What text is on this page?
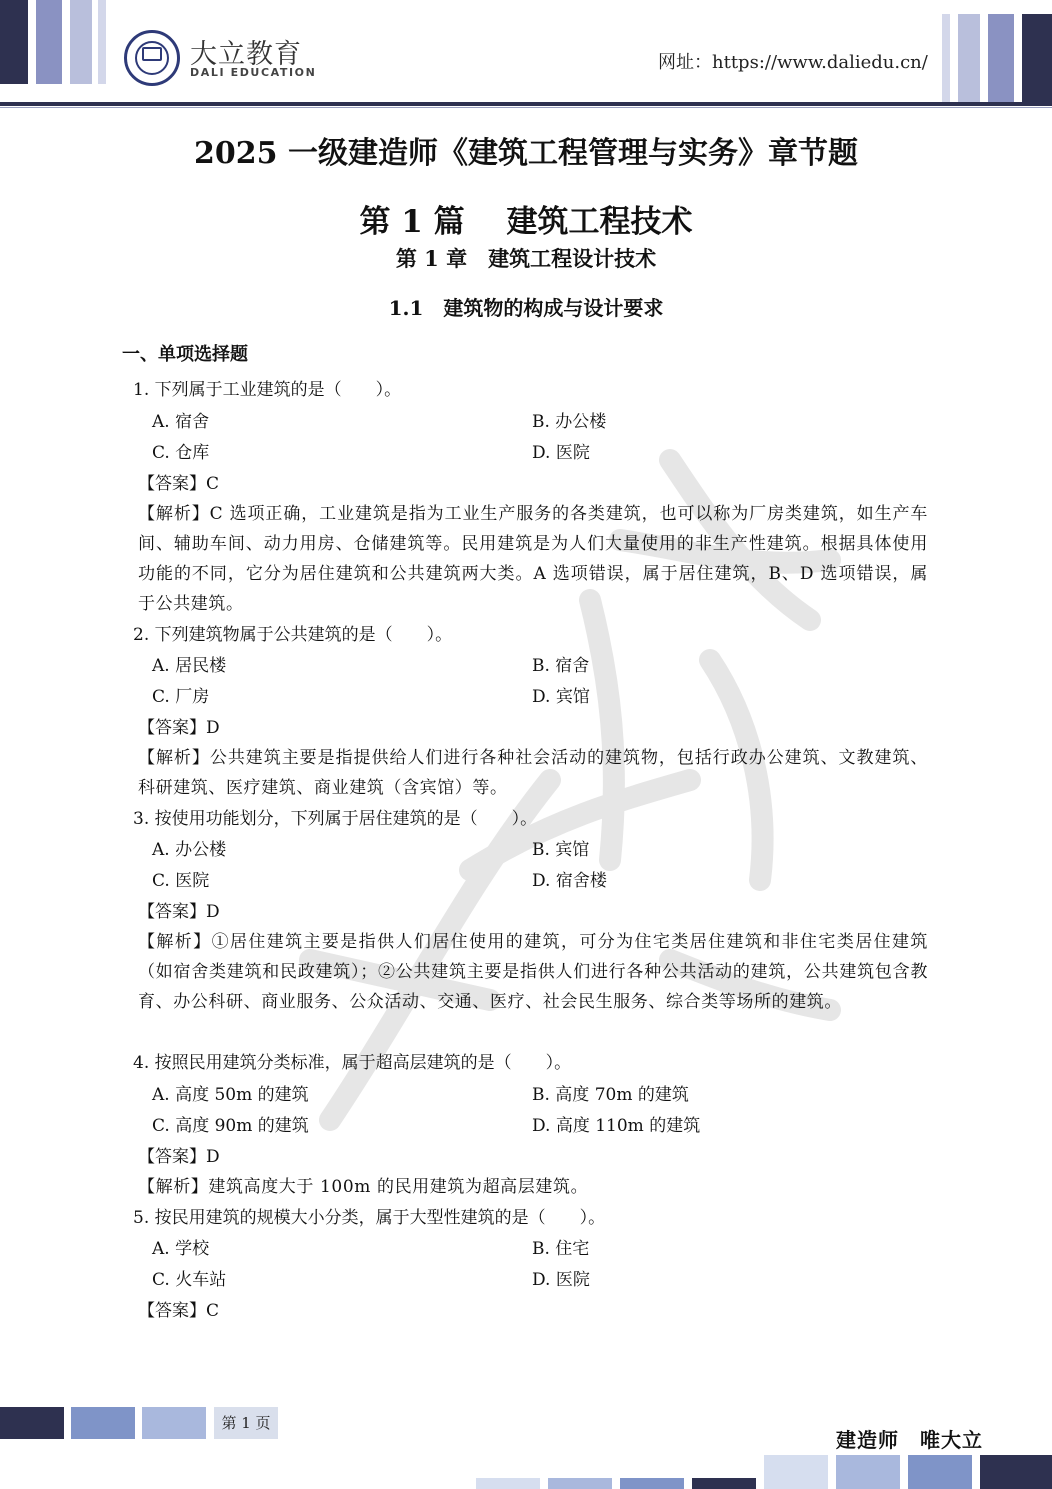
大立教育
DALI EDUCATION	网址：https://www.daliedu.cn/
2025 一级建造师《建筑工程管理与实务》章节题
第 1 篇　 建筑工程技术
第 1 章　建筑工程设计技术
1.1　建筑物的构成与设计要求
一、单项选择题
1. 下列属于工业建筑的是（　　）。
A. 宿舍	B. 办公楼
C. 仓库	D. 医院
【答案】C
【解析】C 选项正确，工业建筑是指为工业生产服务的各类建筑，也可以称为厂房类建筑，如生产车间、辅助车间、动力用房、仓储建筑等。民用建筑是为人们大量使用的非生产性建筑。根据具体使用功能的不同，它分为居住建筑和公共建筑两大类。A 选项错误，属于居住建筑，B、D 选项错误，属于公共建筑。
2. 下列建筑物属于公共建筑的是（　　）。
A. 居民楼	B. 宿舍
C. 厂房	D. 宾馆
【答案】D
【解析】公共建筑主要是指提供给人们进行各种社会活动的建筑物，包括行政办公建筑、文教建筑、科研建筑、医疗建筑、商业建筑（含宾馆）等。
3. 按使用功能划分，下列属于居住建筑的是（　　）。
A. 办公楼	B. 宾馆
C. 医院	D. 宿舍楼
【答案】D
【解析】①居住建筑主要是指供人们居住使用的建筑，可分为住宅类居住建筑和非住宅类居住建筑（如宿舍类建筑和民政建筑）；②公共建筑主要是指供人们进行各种公共活动的建筑，公共建筑包含教育、办公科研、商业服务、公众活动、交通、医疗、社会民生服务、综合类等场所的建筑。
4. 按照民用建筑分类标准，属于超高层建筑的是（　　）。
A. 高度 50m 的建筑	B. 高度 70m 的建筑
C. 高度 90m 的建筑	D. 高度 110m 的建筑
【答案】D
【解析】建筑高度大于 100m 的民用建筑为超高层建筑。
5. 按民用建筑的规模大小分类，属于大型性建筑的是（　　）。
A. 学校	B. 住宅
C. 火车站	D. 医院
【答案】C
第 1 页
建造师　唯大立
